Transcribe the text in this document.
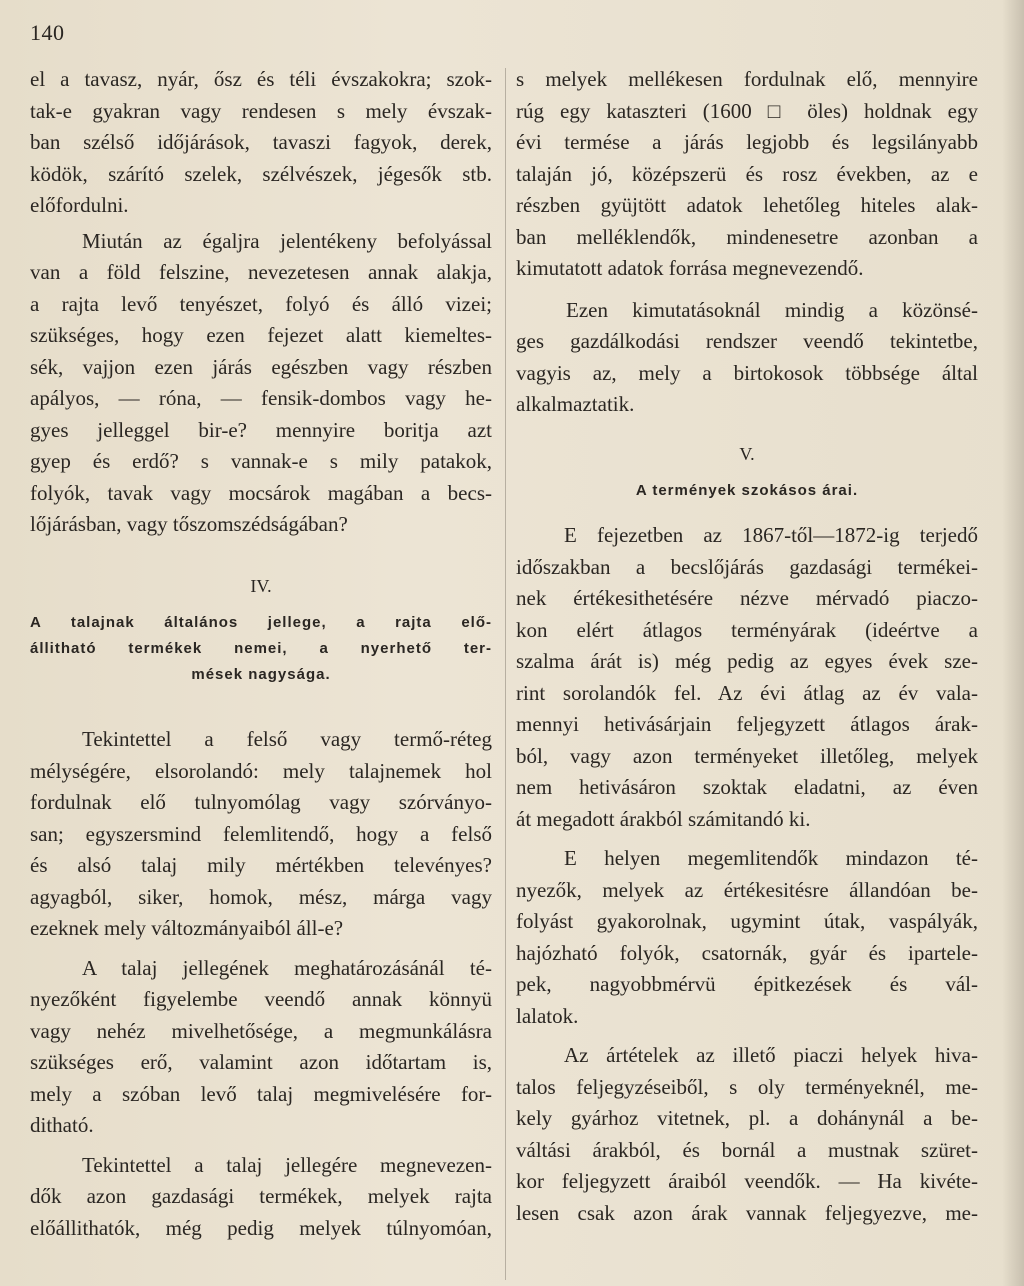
140
el a tavasz, nyár, ősz és téli évszakokra; szok-
tak-e gyakran vagy rendesen s mely évszak-
ban szélső időjárások, tavaszi fagyok, derek,
ködök, szárító szelek, szélvészek, jégesők stb.
előfordulni.
Miután az égaljra jelentékeny befolyással
van a föld felszine, nevezetesen annak alakja,
a rajta levő tenyészet, folyó és álló vizei;
szükséges, hogy ezen fejezet alatt kiemeltes-
sék, vajjon ezen járás egészben vagy részben
apályos, — róna, — fensik-dombos vagy he-
gyes jelleggel bir-e? mennyire boritja azt
gyep és erdő? s vannak-e s mily patakok,
folyók, tavak vagy mocsárok magában a becs-
lőjárásban, vagy tőszomszédságában?
IV.
A talajnak általános jellege, a rajta elő-
állitható termékek nemei, a nyerhető ter-
mések nagysága.
Tekintettel a felső vagy termő-réteg
mélységére, elsorolandó: mely talajnemek hol
fordulnak elő tulnyomólag vagy szórványo-
san; egyszersmind felemlitendő, hogy a felső
és alsó talaj mily mértékben televényes?
agyagból, siker, homok, mész, márga vagy
ezeknek mely változmányaiból áll-e?
A talaj jellegének meghatározásánál té-
nyezőként figyelembe veendő annak könnyü
vagy nehéz mivelhetősége, a megmunkálásra
szükséges erő, valamint azon időtartam is,
mely a szóban levő talaj megmivelésére for-
ditható.
Tekintettel a talaj jellegére megnevezen-
dők azon gazdasági termékek, melyek rajta
előállithatók, még pedig melyek túlnyomóan,
s melyek mellékesen fordulnak elő, mennyire
rúg egy kataszteri (1600 □ öles) holdnak egy
évi termése a járás legjobb és legsilányabb
talaján jó, középszerü és rosz években, az e
részben gyüjtött adatok lehetőleg hiteles alak-
ban melléklendők, mindenesetre azonban a
kimutatott adatok forrása megnevezendő.
Ezen kimutatásoknál mindig a közönsé-
ges gazdálkodási rendszer veendő tekintetbe,
vagyis az, mely a birtokosok többsége által
alkalmaztatik.
V.
A termények szokásos árai.
E fejezetben az 1867-től—1872-ig terjedő
időszakban a becslőjárás gazdasági termékei-
nek értékesithetésére nézve mérvadó piaczo-
kon elért átlagos terményárak (ideértve a
szalma árát is) még pedig az egyes évek sze-
rint sorolandók fel. Az évi átlag az év vala-
mennyi hetivásárjain feljegyzett átlagos árak-
ból, vagy azon terményeket illetőleg, melyek
nem hetivásáron szoktak eladatni, az éven
át megadott árakból számitandó ki.
E helyen megemlitendők mindazon té-
nyezők, melyek az értékesitésre állandóan be-
folyást gyakorolnak, ugymint útak, vaspályák,
hajózható folyók, csatornák, gyár és ipartele-
pek, nagyobbmérvü épitkezések és vál-
lalatok.
Az ártételek az illető piaczi helyek hiva-
talos feljegyzéseiből, s oly terményeknél, me-
kely gyárhoz vitetnek, pl. a dohánynál a be-
váltási árakból, és bornál a mustnak szüret-
kor feljegyzett áraiból veendők. — Ha kivéte-
lesen csak azon árak vannak feljegyezve, me-
